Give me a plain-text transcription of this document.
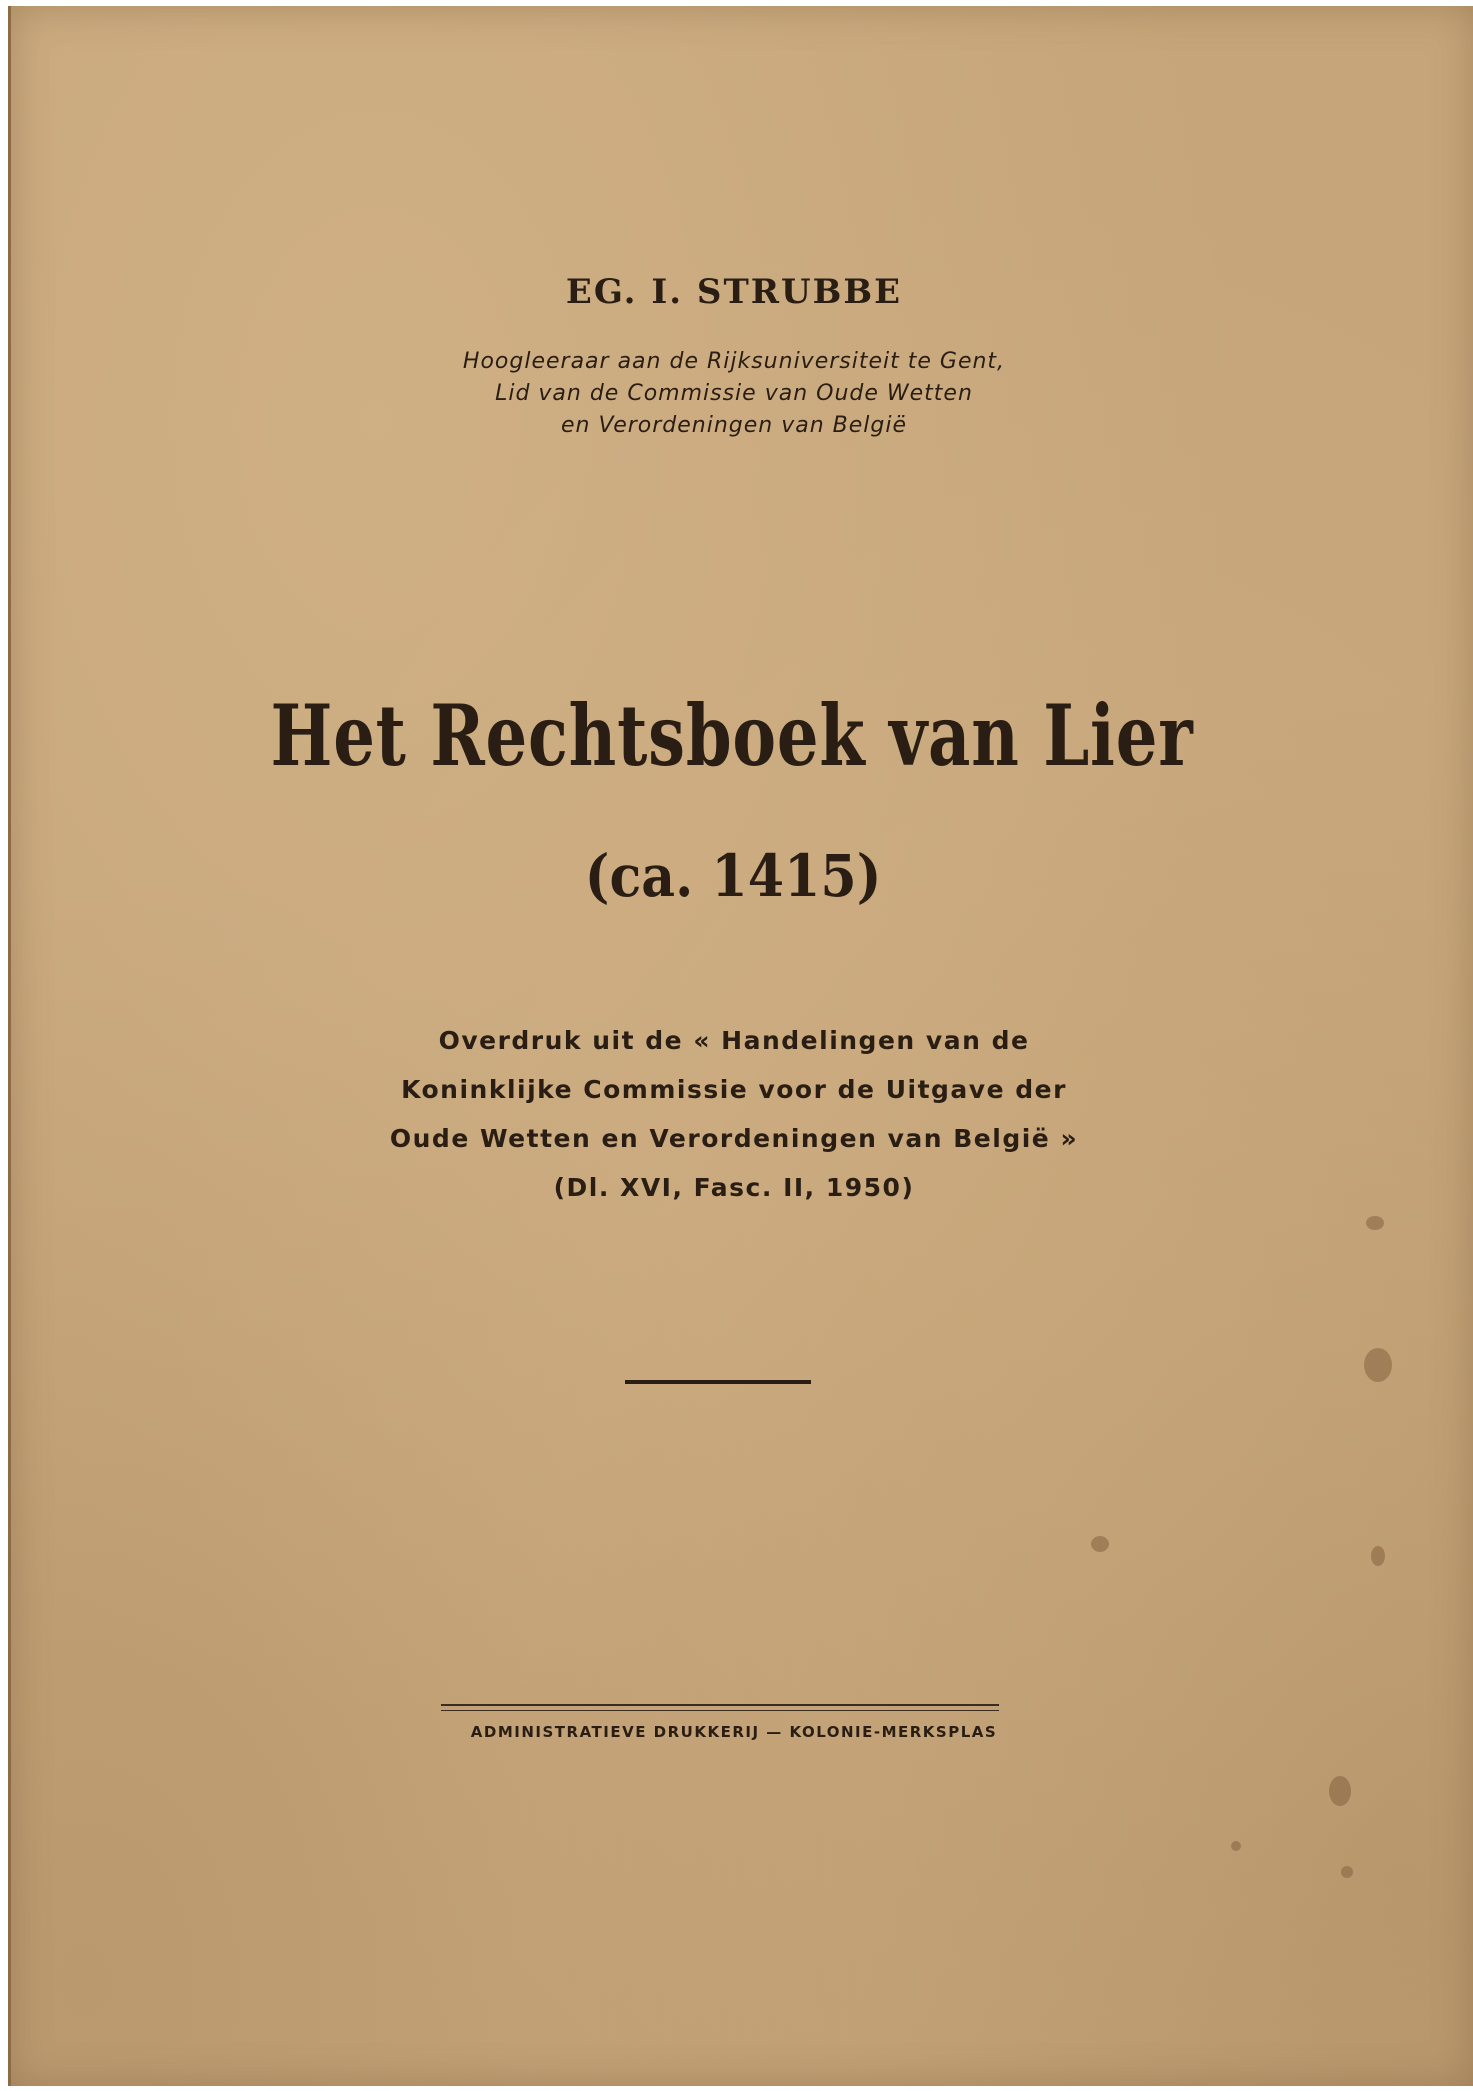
EG. I. STRUBBE
Hoogleeraar aan de Rijksuniversiteit te Gent,
Lid van de Commissie van Oude Wetten
en Verordeningen van België
Het Rechtsboek van Lier
(ca. 1415)
Overdruk uit de « Handelingen van de
Koninklijke Commissie voor de Uitgave der
Oude Wetten en Verordeningen van België »
(Dl. XVI, Fasc. II, 1950)
ADMINISTRATIEVE DRUKKERIJ — KOLONIE-MERKSPLAS
